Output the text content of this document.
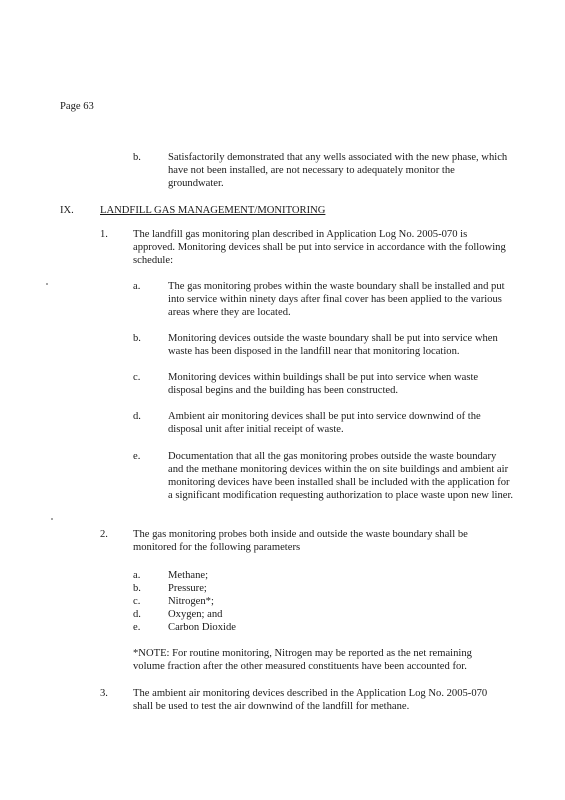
Page 63
b.	Satisfactorily demonstrated that any wells associated with the new phase, which have not been installed, are not necessary to adequately monitor the groundwater.
IX. LANDFILL GAS MANAGEMENT/MONITORING
1.	The landfill gas monitoring plan described in Application Log No. 2005-070 is approved. Monitoring devices shall be put into service in accordance with the following schedule:
a.	The gas monitoring probes within the waste boundary shall be installed and put into service within ninety days after final cover has been applied to the various areas where they are located.
b.	Monitoring devices outside the waste boundary shall be put into service when waste has been disposed in the landfill near that monitoring location.
c.	Monitoring devices within buildings shall be put into service when waste disposal begins and the building has been constructed.
d.	Ambient air monitoring devices shall be put into service downwind of the disposal unit after initial receipt of waste.
e.	Documentation that all the gas monitoring probes outside the waste boundary and the methane monitoring devices within the on site buildings and ambient air monitoring devices have been installed shall be included with the application for a significant modification requesting authorization to place waste upon new liner.
2.	The gas monitoring probes both inside and outside the waste boundary shall be monitored for the following parameters
a.	Methane;
b.	Pressure;
c.	Nitrogen*;
d.	Oxygen; and
e.	Carbon Dioxide
*NOTE: For routine monitoring, Nitrogen may be reported as the net remaining volume fraction after the other measured constituents have been accounted for.
3.	The ambient air monitoring devices described in the Application Log No. 2005-070 shall be used to test the air downwind of the landfill for methane.
